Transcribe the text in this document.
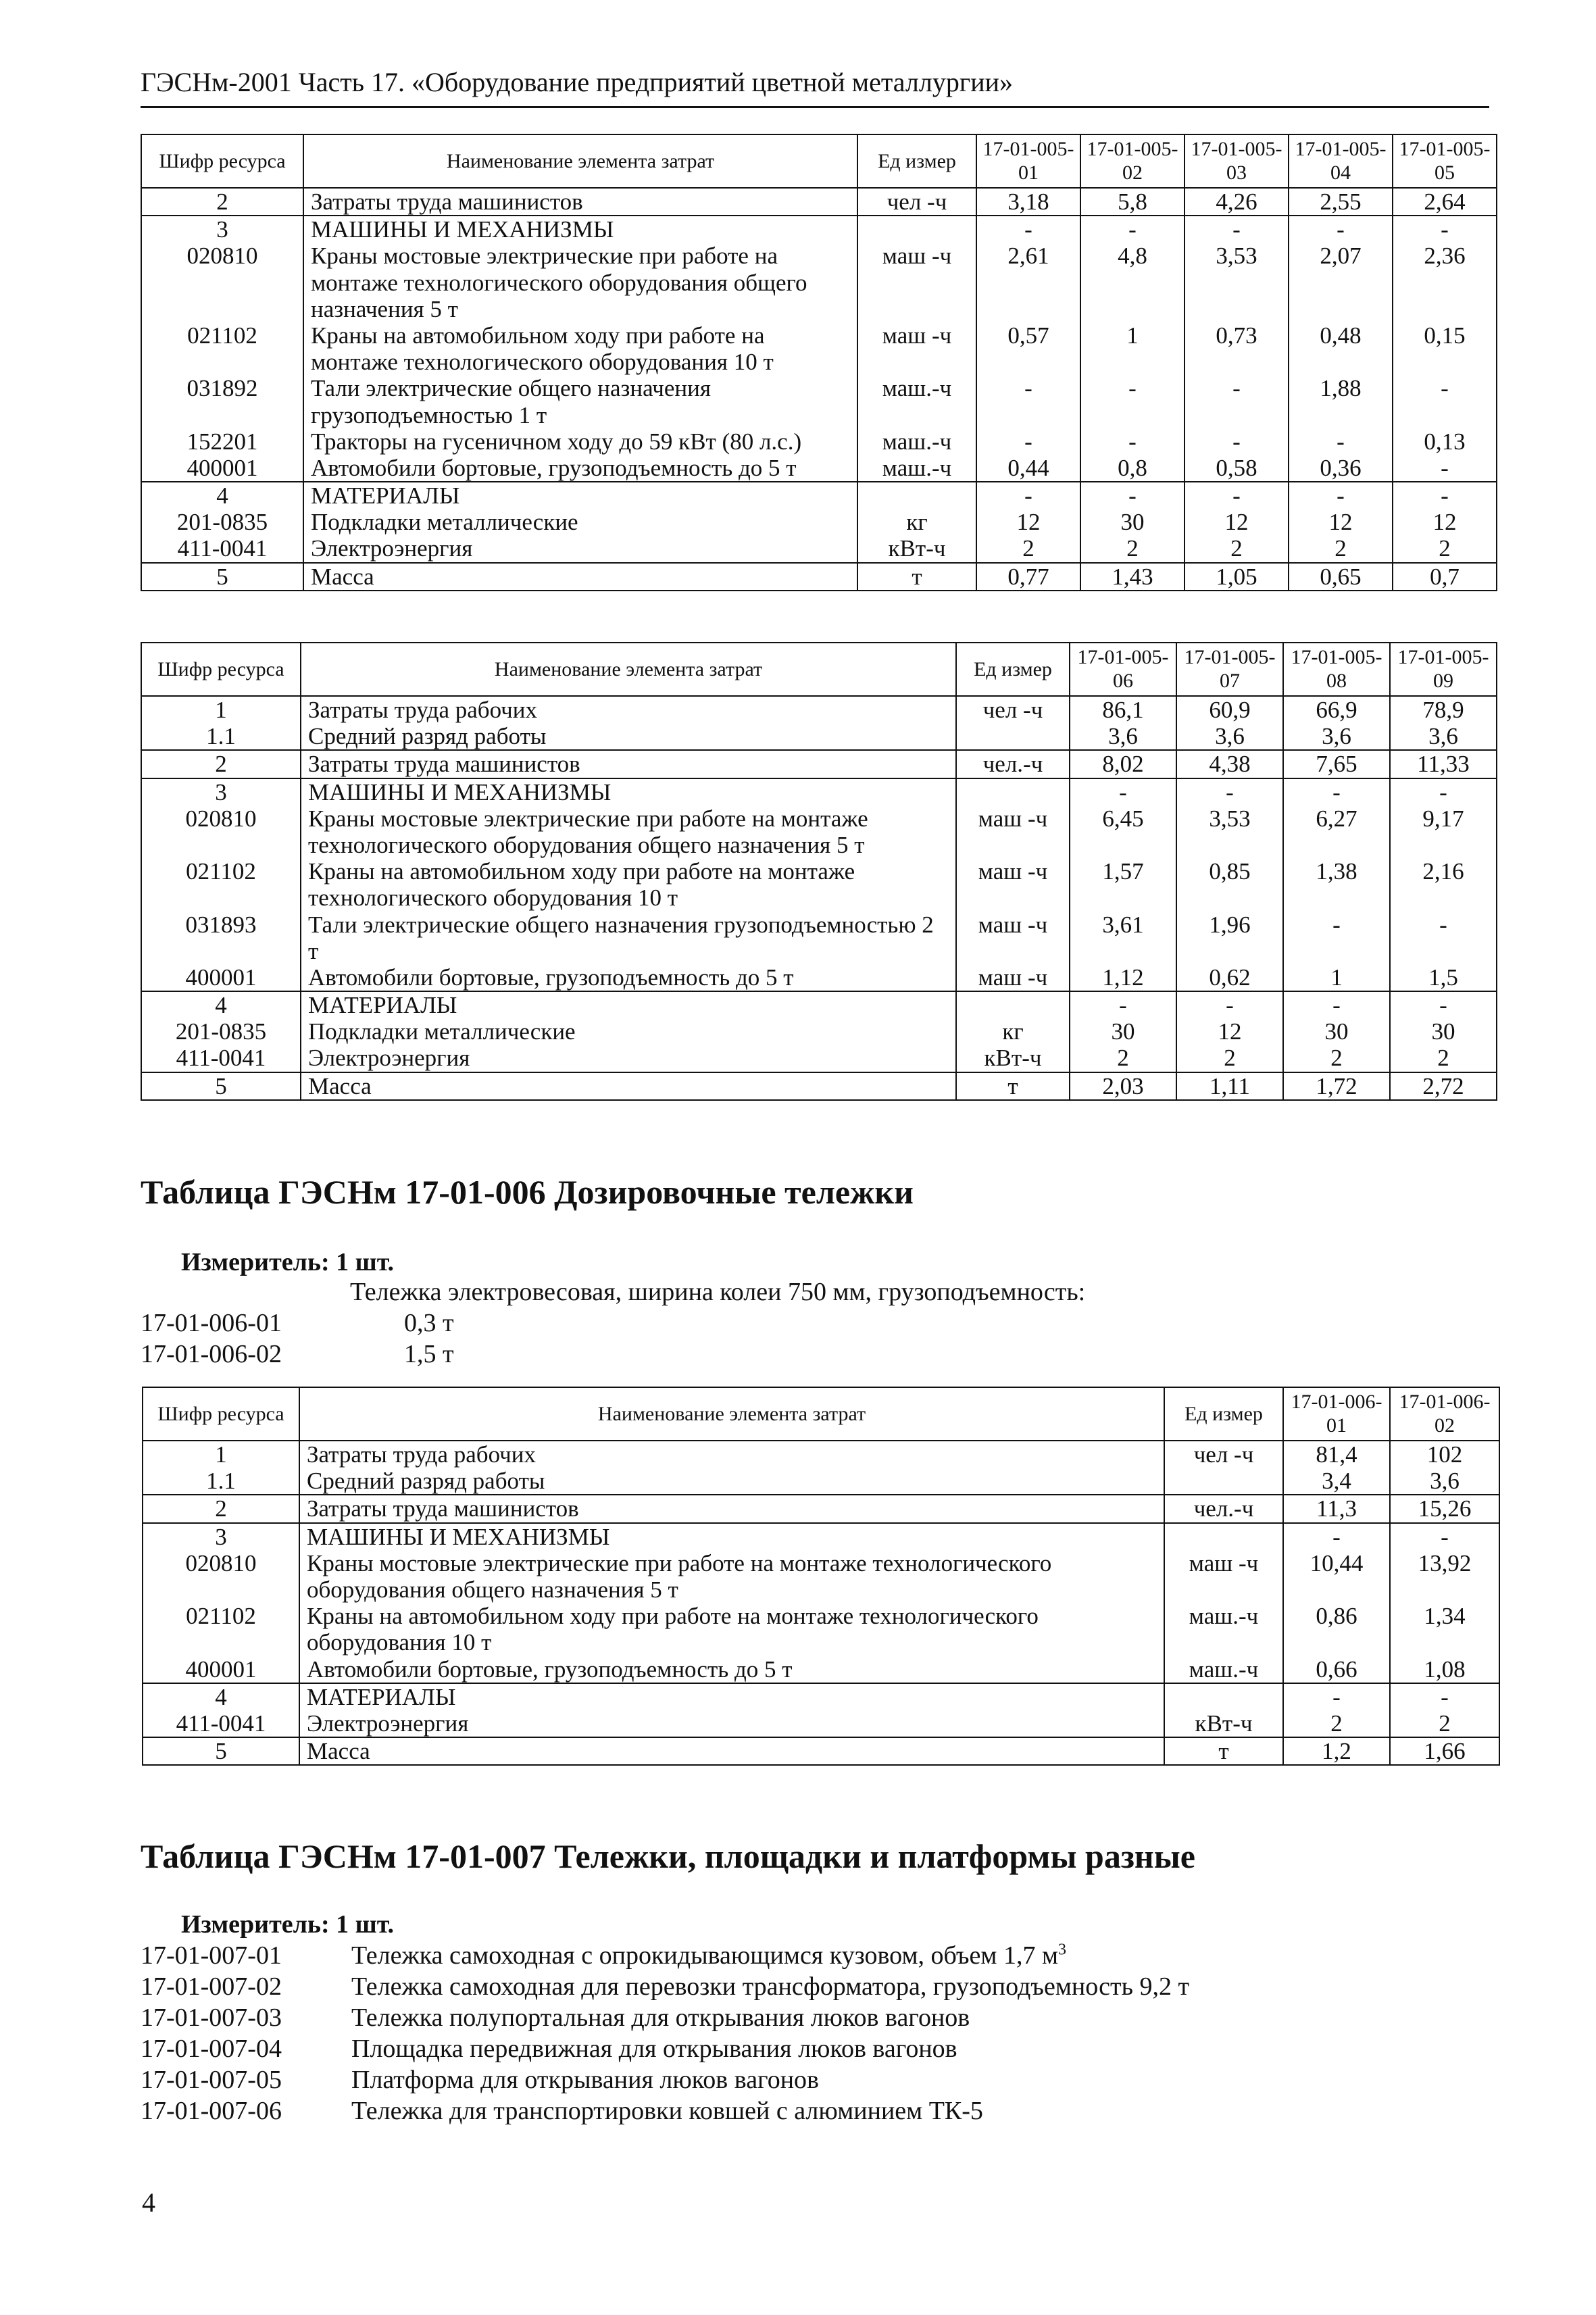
ГЭСНм-2001 Часть 17. «Оборудование предприятий цветной металлургии»
Шифр ресурса	Наименование элемента затрат	Ед измер	17-01-005-01	17-01-005-02	17-01-005-03	17-01-005-04	17-01-005-05
2	Затраты труда машинистов	чел -ч	3,18	5,8	4,26	2,55	2,64
3	МАШИНЫ И МЕХАНИЗМЫ		-	-	-	-	-
020810	Краны мостовые электрические при работе на монтаже технологического оборудования общего назначения 5 т	маш -ч	2,61	4,8	3,53	2,07	2,36
021102	Краны на автомобильном ходу при работе на монтаже технологического оборудования 10 т	маш -ч	0,57	1	0,73	0,48	0,15
031892	Тали электрические общего назначения грузоподъемностью 1 т	маш.-ч	-	-	-	1,88	-
152201	Тракторы на гусеничном ходу до 59 кВт (80 л.с.)	маш.-ч	-	-	-	-	0,13
400001	Автомобили бортовые, грузоподъемность до 5 т	маш.-ч	0,44	0,8	0,58	0,36	-
4	МАТЕРИАЛЫ		-	-	-	-	-
201-0835	Подкладки металлические	кг	12	30	12	12	12
411-0041	Электроэнергия	кВт-ч	2	2	2	2	2
5	Масса	т	0,77	1,43	1,05	0,65	0,7
Шифр ресурса	Наименование элемента затрат	Ед измер	17-01-005-06	17-01-005-07	17-01-005-08	17-01-005-09
1	Затраты труда рабочих	чел -ч	86,1	60,9	66,9	78,9
1.1	Средний разряд работы		3,6	3,6	3,6	3,6
2	Затраты труда машинистов	чел.-ч	8,02	4,38	7,65	11,33
3	МАШИНЫ И МЕХАНИЗМЫ		-	-	-	-
020810	Краны мостовые электрические при работе на монтаже технологического оборудования общего назначения 5 т	маш -ч	6,45	3,53	6,27	9,17
021102	Краны на автомобильном ходу при работе на монтаже технологического оборудования 10 т	маш -ч	1,57	0,85	1,38	2,16
031893	Тали электрические общего назначения грузоподъемностью 2 т	маш -ч	3,61	1,96	-	-
400001	Автомобили бортовые, грузоподъемность до 5 т	маш -ч	1,12	0,62	1	1,5
4	МАТЕРИАЛЫ		-	-	-	-
201-0835	Подкладки металлические	кг	30	12	30	30
411-0041	Электроэнергия	кВт-ч	2	2	2	2
5	Масса	т	2,03	1,11	1,72	2,72
Таблица ГЭСНм 17-01-006 Дозировочные тележки
Измеритель: 1 шт.
Тележка электровесовая, ширина колеи 750 мм, грузоподъемность:
17-01-006-01	0,3 т
17-01-006-02	1,5 т
Шифр ресурса	Наименование элемента затрат	Ед измер	17-01-006-01	17-01-006-02
1	Затраты труда рабочих	чел -ч	81,4	102
1.1	Средний разряд работы		3,4	3,6
2	Затраты труда машинистов	чел.-ч	11,3	15,26
3	МАШИНЫ И МЕХАНИЗМЫ		-	-
020810	Краны мостовые электрические при работе на монтаже технологического оборудования общего назначения 5 т	маш -ч	10,44	13,92
021102	Краны на автомобильном ходу при работе на монтаже технологического оборудования 10 т	маш.-ч	0,86	1,34
400001	Автомобили бортовые, грузоподъемность до 5 т	маш.-ч	0,66	1,08
4	МАТЕРИАЛЫ		-	-
411-0041	Электроэнергия	кВт-ч	2	2
5	Масса	т	1,2	1,66
Таблица ГЭСНм 17-01-007 Тележки, площадки и платформы разные
Измеритель: 1 шт.
17-01-007-01	Тележка самоходная с опрокидывающимся кузовом, объем 1,7 $м^3$
17-01-007-02	Тележка самоходная для перевозки трансформатора, грузоподъемность 9,2 т
17-01-007-03	Тележка полупортальная для открывания люков вагонов
17-01-007-04	Площадка передвижная для открывания люков вагонов
17-01-007-05	Платформа для открывания люков вагонов
17-01-007-06	Тележка для транспортировки ковшей с алюминием ТК-5
4
